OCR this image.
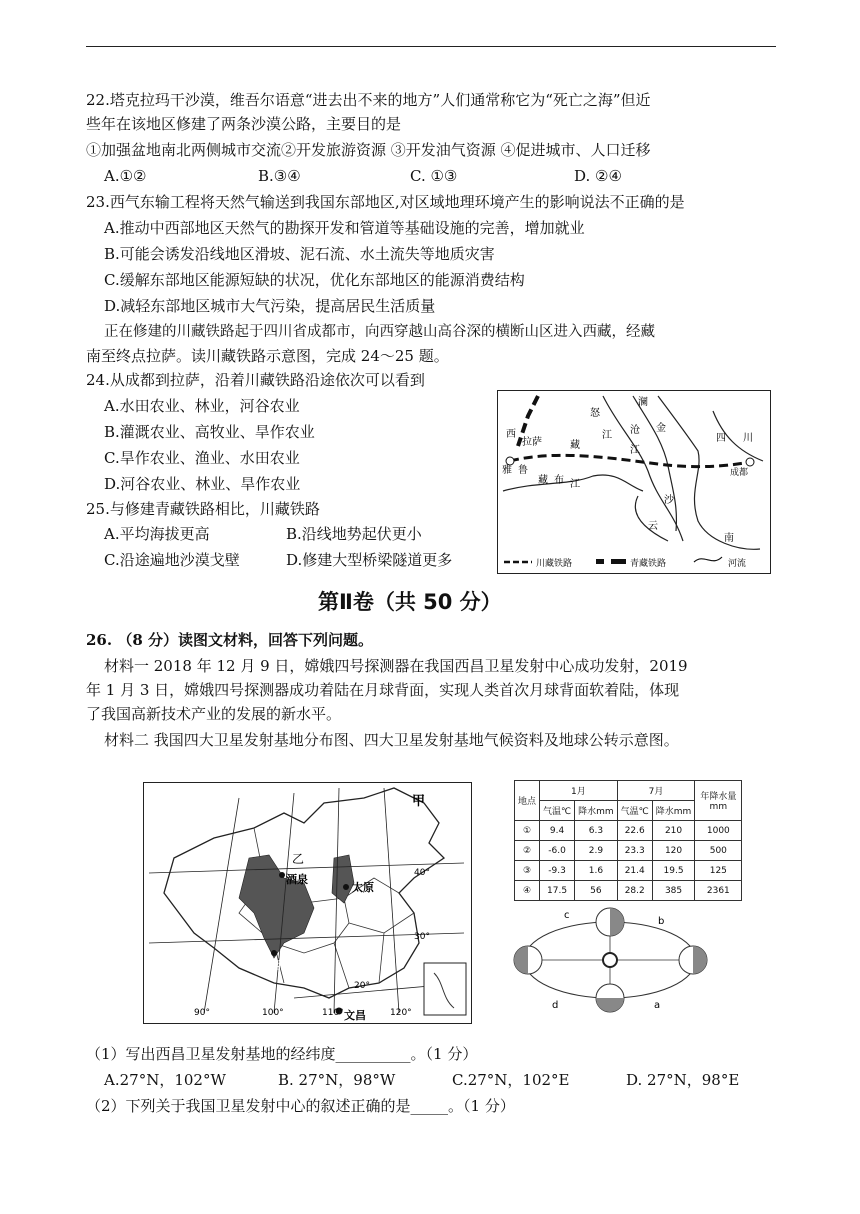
22.塔克拉玛干沙漠，维吾尔语意“进去出不来的地方”人们通常称它为“死亡之海”但近
些年在该地区修建了两条沙漠公路，主要目的是
①加强盆地南北两侧城市交流②开发旅游资源 ③开发油气资源 ④促进城市、人口迁移
A.①②	B.③④	C. ①③	D. ②④
23.西气东输工程将天然气输送到我国东部地区,对区域地理环境产生的影响说法不正确的是
A.推动中西部地区天然气的勘探开发和管道等基础设施的完善，增加就业
B.可能会诱发沿线地区滑坡、泥石流、水土流失等地质灾害
C.缓解东部地区能源短缺的状况，优化东部地区的能源消费结构
D.减轻东部地区城市大气污染，提高居民生活质量
正在修建的川藏铁路起于四川省成都市，向西穿越山高谷深的横断山区进入西藏，经藏
南至终点拉萨。读川藏铁路示意图，完成 24～25 题。
24.从成都到拉萨，沿着川藏铁路沿途依次可以看到
A.水田农业、林业，河谷农业
B.灌溉农业、高牧业、旱作农业
C.旱作农业、渔业、水田农业
D.河谷农业、林业、旱作农业
25.与修建青藏铁路相比，川藏铁路
A.平均海拔更高	B.沿线地势起伏更小
C.沿途遍地沙漠戈壁	D.修建大型桥梁隧道更多
西
怒
澜
藏
江 沧 金
江
四 川
拉萨
成都
雅 鲁
藏 布 江
沙
云
南
川藏铁路	青藏铁路	河流
第Ⅱ卷（共 50 分）
26. （8 分）读图文材料，回答下列问题。
材料一 2018 年 12 月 9 日，嫦娥四号探测器在我国西昌卫星发射中心成功发射，2019
年 1 月 3 日，嫦娥四号探测器成功着陆在月球背面，实现人类首次月球背面软着陆，体现
了我国高新技术产业的发展的新水平。
材料二 我国四大卫星发射基地分布图、四大卫星发射基地气候资料及地球公转示意图。
甲
乙
酒泉
太原
西昌
文昌
40°
30°
20°
90°	100°	110°	120°
地点	1月		7月		年降水量 mm
	气温℃	降水mm	气温℃	降水mm	
①	9.4	6.3	22.6	210	1000
②	-6.0	2.9	23.3	120	500
③	-9.3	1.6	21.4	19.5	125
④	17.5	56	28.2	385	2361
c
b
d	a
（1）写出西昌卫星发射基地的经纬度__________。（1 分）
A.27°N，102°W	B. 27°N，98°W	C.27°N，102°E	D. 27°N，98°E
（2）下列关于我国卫星发射中心的叙述正确的是_____。（1 分）
